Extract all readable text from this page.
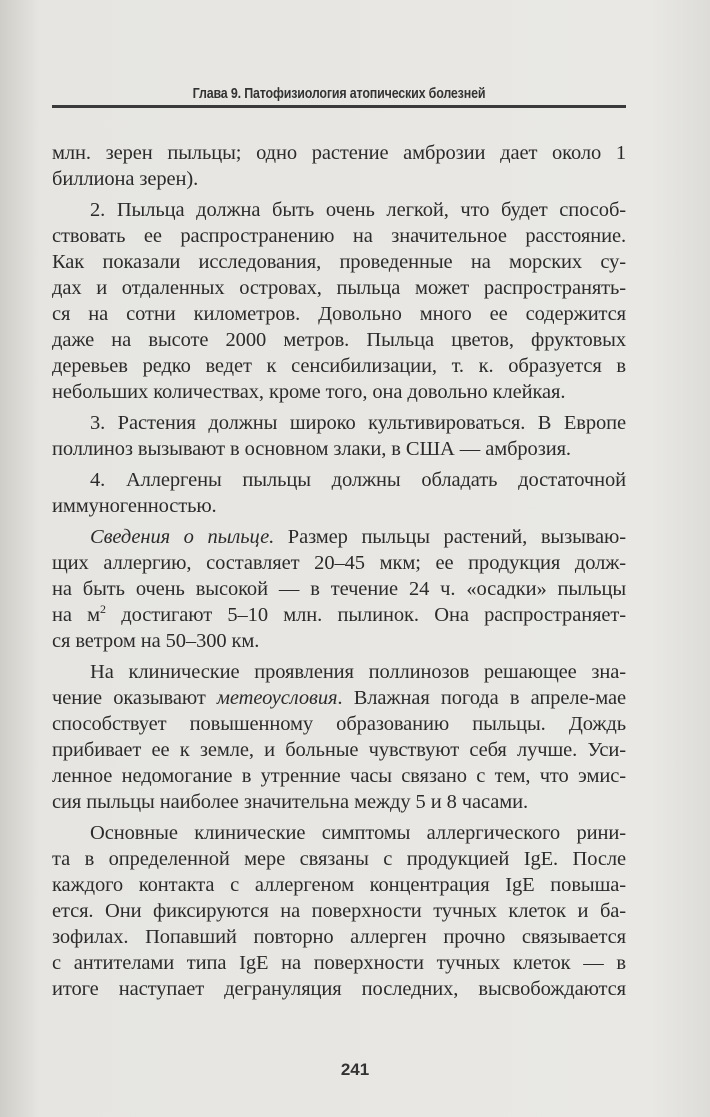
Глава 9. Патофизиология атопических болезней
млн. зерен пыльцы; одно растение амброзии дает около 1
биллиона зерен).
2. Пыльца должна быть очень легкой, что будет способ-
ствовать ее распространению на значительное расстояние.
Как показали исследования, проведенные на морских су-
дах и отдаленных островах, пыльца может распространять-
ся на сотни километров. Довольно много ее содержится
даже на высоте 2000 метров. Пыльца цветов, фруктовых
деревьев редко ведет к сенсибилизации, т. к. образуется в
небольших количествах, кроме того, она довольно клейкая.
3. Растения должны широко культивироваться. В Европе
поллиноз вызывают в основном злаки, в США — амброзия.
4. Аллергены пыльцы должны обладать достаточной
иммуногенностью.
Сведения о пыльце. Размер пыльцы растений, вызываю-
щих аллергию, составляет 20–45 мкм; ее продукция долж-
на быть очень высокой — в течение 24 ч. «осадки» пыльцы
на $м^2$ достигают 5–10 млн. пылинок. Она распространяет-
ся ветром на 50–300 км.
На клинические проявления поллинозов решающее зна-
чение оказывают метеоусловия. Влажная погода в апреле-мае
способствует повышенному образованию пыльцы. Дождь
прибивает ее к земле, и больные чувствуют себя лучше. Уси-
ленное недомогание в утренние часы связано с тем, что эмис-
сия пыльцы наиболее значительна между 5 и 8 часами.
Основные клинические симптомы аллергического рини-
та в определенной мере связаны с продукцией IgE. После
каждого контакта с аллергеном концентрация IgE повыша-
ется. Они фиксируются на поверхности тучных клеток и ба-
зофилах. Попавший повторно аллерген прочно связывается
с антителами типа IgE на поверхности тучных клеток — в
итоге наступает дегрануляция последних, высвобождаются
241
